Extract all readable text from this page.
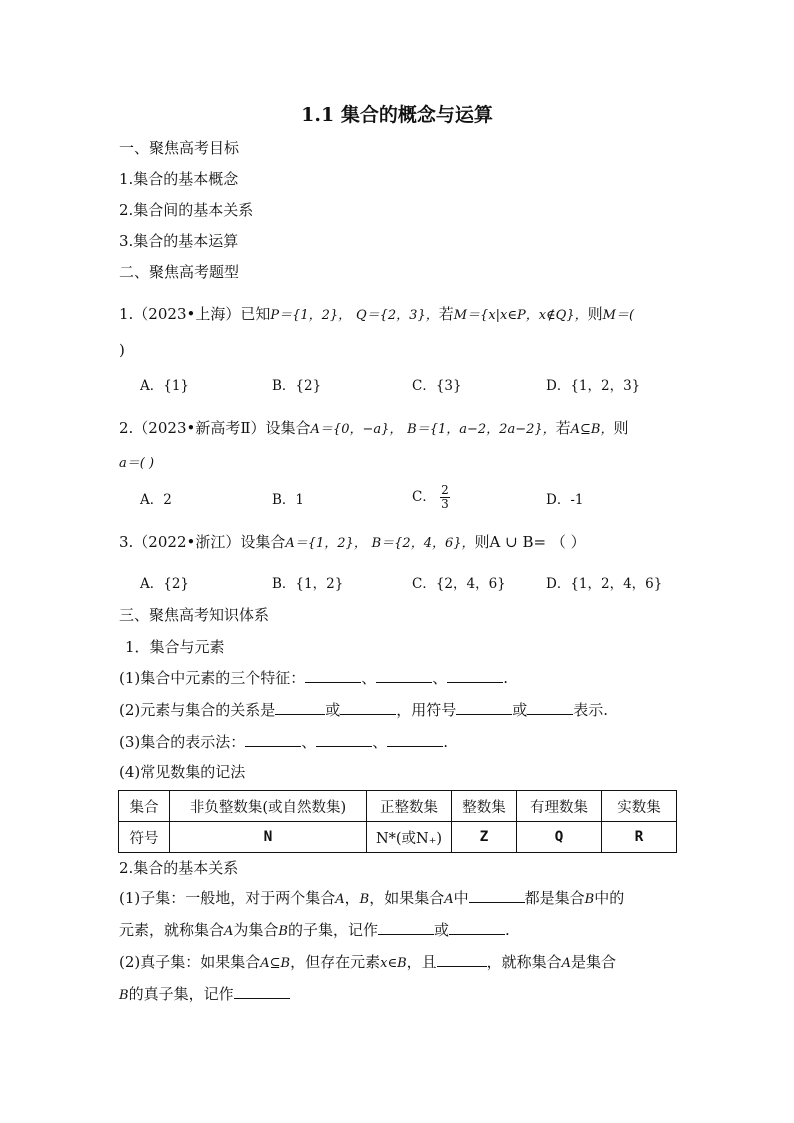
1.1 集合的概念与运算
一、聚焦高考目标
1.集合的基本概念
2.集合间的基本关系
3.集合的基本运算
二、聚焦高考题型
1.（2023•上海）已知P＝{1，2}， Q＝{2，3}，若M＝{x|x∈P，x∉Q}，则M＝(
)
A．{1}	B．{2}	C．{3}	D．{1，2，3}
2.（2023•新高考Ⅱ）设集合A＝{0，−a}， B＝{1，a−2，2a−2}，若A⊆B，则
a＝( )
A．2	B．1	C． $\frac{2}{3}$	D．-1
3.（2022•浙江）设集合A＝{1，2}， B＝{2，4，6}，则A ∪ B= （ ）
A．{2}	B．{1，2}	C．{2，4，6}	D．{1，2，4，6}
三、聚焦高考知识体系
1．集合与元素
(1)集合中元素的三个特征：	、	、	.
(2)元素与集合的关系是	或	，用符号	或	表示.
(3)集合的表示法：	、	、	.
(4)常见数集的记法
集合	非负整数集(或自然数集)	正整数集	整数集	有理数集	实数集
符号	N	N*(或N₊)	Z	Q	R
2.集合的基本关系
(1)子集：一般地，对于两个集合A，B，如果集合A中	都是集合B中的
元素，就称集合A为集合B的子集，记作	或	.
(2)真子集：如果集合A⊆B，但存在元素x∈B，且	，就称集合A是集合
B的真子集，记作
